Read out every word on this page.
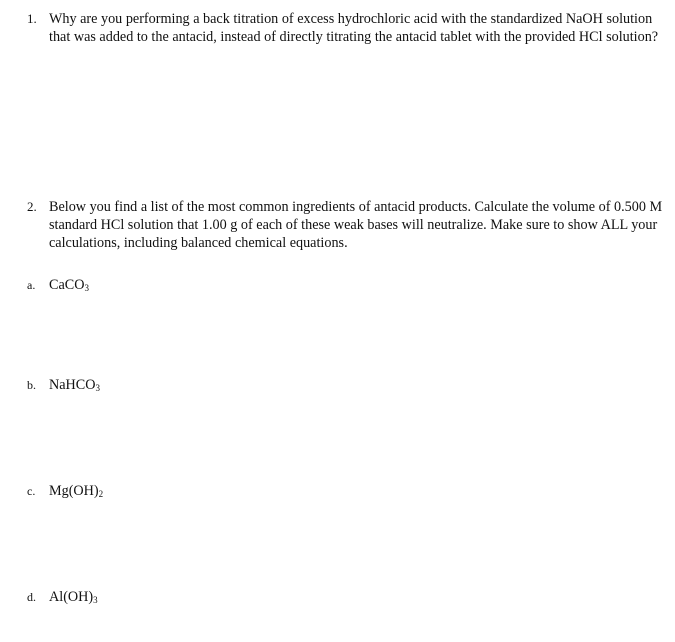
1. Why are you performing a back titration of excess hydrochloric acid with the standardized NaOH solution that was added to the antacid, instead of directly titrating the antacid tablet with the provided HCl solution?
2. Below you find a list of the most common ingredients of antacid products. Calculate the volume of 0.500 M standard HCl solution that 1.00 g of each of these weak bases will neutralize. Make sure to show ALL your calculations, including balanced chemical equations.
a. CaCO$_3$
b. NaHCO$_3$
c. $Mg(OH)_2$
d. $Al(OH)_3$
